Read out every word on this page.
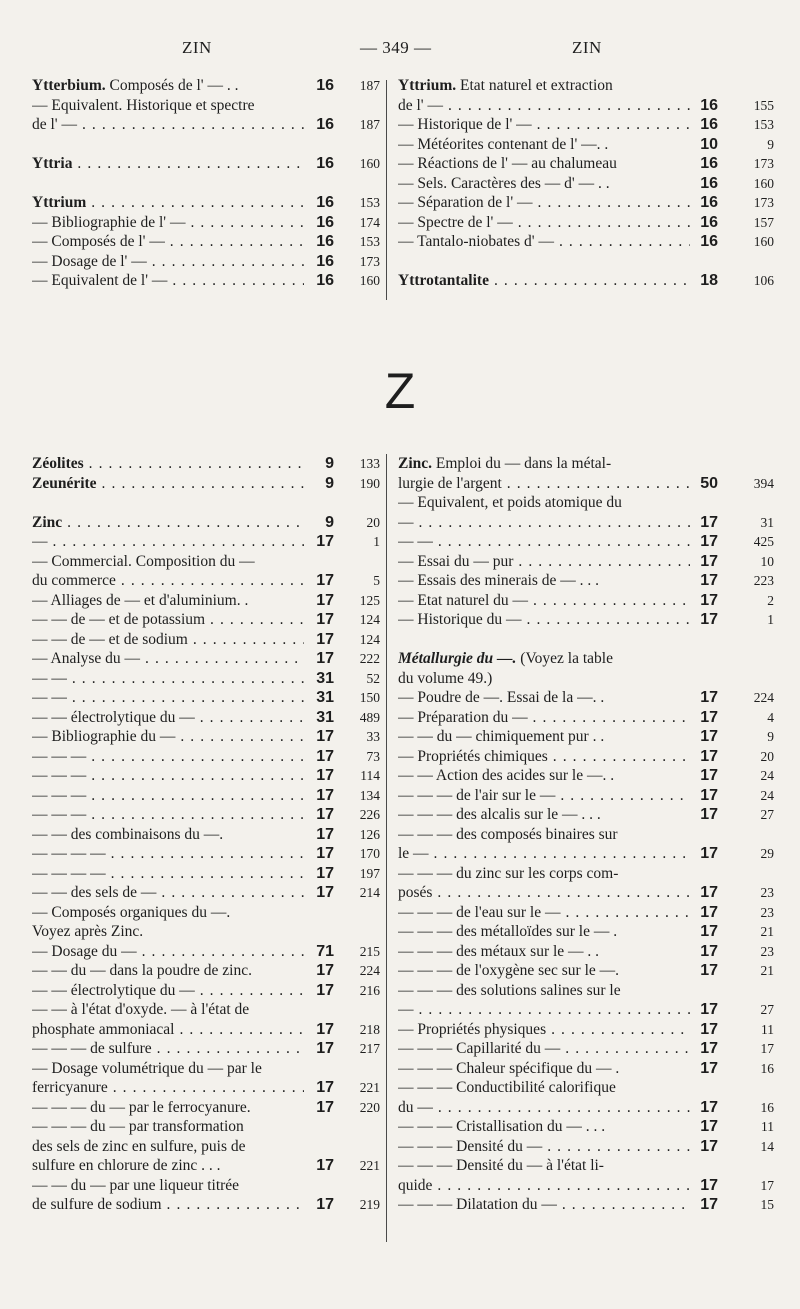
ZIN	— 349 —	ZIN
Ytterbium. Composés de l' — . .	16	187
— Equivalent. Historique et spectre
de l' — . . .	16	187
Yttria . . .	16	160
Yttrium . . .	16	153
— Bibliographie de l' — . . .	16	174
— Composés de l' — . . .	16	153
— Dosage de l' — . . .	16	173
— Equivalent de l' — . . .	16	160
Yttrium. Etat naturel et extraction
de l' — . . .	16	155
— Historique de l' — . . .	16	153
— Météorites contenant de l' —. .	10	9
— Réactions de l' — au chalumeau	16	173
— Sels. Caractères des — d' — . .	16	160
— Séparation de l' — . . .	16	173
— Spectre de l' — . . .	16	157
— Tantalo-niobates d' — . . .	16	160
Yttrotantalite . . .	18	106
Z
Zéolites . . .	9	133
Zeunérite . . .	9	190
Zinc . . .	9	20
— . . .	17	1
— Commercial. Composition du —
du commerce . . .	17	5
— Alliages de — et d'aluminium. .	17	125
— — de — et de potassium . . .	17	124
— — de — et de sodium . . .	17	124
— Analyse du — . . .	17	222
— — . . .	31	52
— — . . .	31	150
— — électrolytique du — . . .	31	489
— Bibliographie du — . . .	17	33
— — — . . .	17	73
— — — . . .	17	114
— — — . . .	17	134
— — — . . .	17	226
— — des combinaisons du —.	17	126
— — — — . . .	17	170
— — — — . . .	17	197
— — des sels de — . . .	17	214
— Composés organiques du —.
Voyez après Zinc.
— Dosage du — . . .	71	215
— — du — dans la poudre de zinc.	17	224
— — électrolytique du — . . .	17	216
— — à l'état d'oxyde. — à l'état de
phosphate ammoniacal . . .	17	218
— — — de sulfure . . .	17	217
— Dosage volumétrique du — par le
ferricyanure . . .	17	221
— — — du — par le ferrocyanure.	17	220
— — — du — par transformation
des sels de zinc en sulfure, puis de
sulfure en chlorure de zinc . . .	17	221
— — du — par une liqueur titrée
de sulfure de sodium . . .	17	219
Zinc. Emploi du — dans la métal-
lurgie de l'argent . . .	50	394
— Equivalent, et poids atomique du
— . . .	17	31
— — . . .	17	425
— Essai du — pur . . .	17	10
— Essais des minerais de — . . .	17	223
— Etat naturel du — . . .	17	2
— Historique du — . . .	17	1
Métallurgie du —. (Voyez la table
du volume 49.)
— Poudre de —. Essai de la —. .	17	224
— Préparation du — . . .	17	4
— — du — chimiquement pur . .	17	9
— Propriétés chimiques . . .	17	20
— — Action des acides sur le —. .	17	24
— — — de l'air sur le — . . .	17	24
— — — des alcalis sur le — . . .	17	27
— — — des composés binaires sur
le — . . .	17	29
— — — du zinc sur les corps com-
posés . . .	17	23
— — — de l'eau sur le — . . .	17	23
— — — des métalloïdes sur le — .	17	21
— — — des métaux sur le — . .	17	23
— — — de l'oxygène sec sur le —.	17	21
— — — des solutions salines sur le
— . . .	17	27
— Propriétés physiques . . .	17	11
— — — Capillarité du — . . .	17	17
— — — Chaleur spécifique du — .	17	16
— — — Conductibilité calorifique
du — . . .	17	16
— — — Cristallisation du — . . .	17	11
— — — Densité du — . . .	17	14
— — — Densité du — à l'état li-
quide . . .	17	17
— — — Dilatation du — . . .	17	15
